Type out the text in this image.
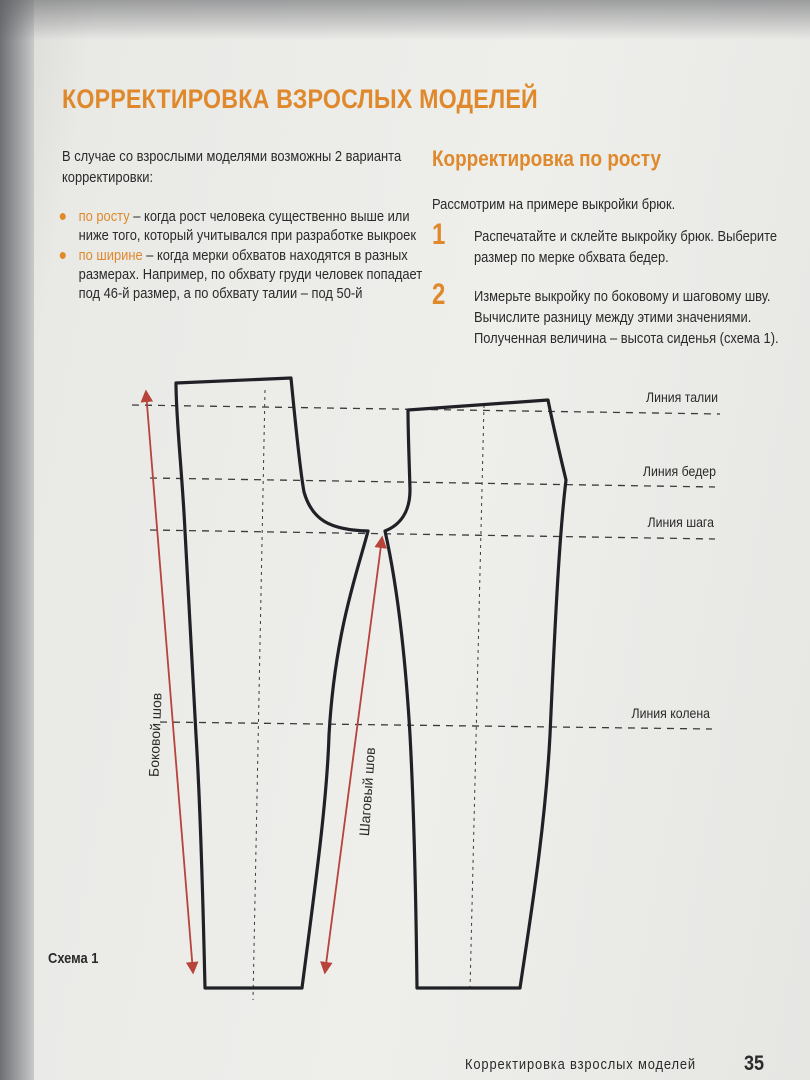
КОРРЕКТИРОВКА ВЗРОСЛЫХ МОДЕЛЕЙ
В случае со взрослыми моделями возможны 2 варианта корректировки:
по росту – когда рост человека существенно выше или ниже того, который учитывался при разработке выкроек
по ширине – когда мерки обхватов находятся в разных размерах. Например, по обхвату груди человек попадает под 46-й размер, а по обхвату талии – под 50-й
Корректировка по росту
Рассмотрим на примере выкройки брюк.
1 Распечатайте и склейте выкройку брюк. Выберите размер по мерке обхвата бедер.
2 Измерьте выкройку по боковому и шаговому шву. Вычислите разницу между этими значениями. Полученная величина – высота сиденья (схема 1).
Линия талии
Линия бедер
Линия шага
Линия колена
Боковой шов
Шаговый шов
Схема 1
Корректировка взрослых моделей 35
